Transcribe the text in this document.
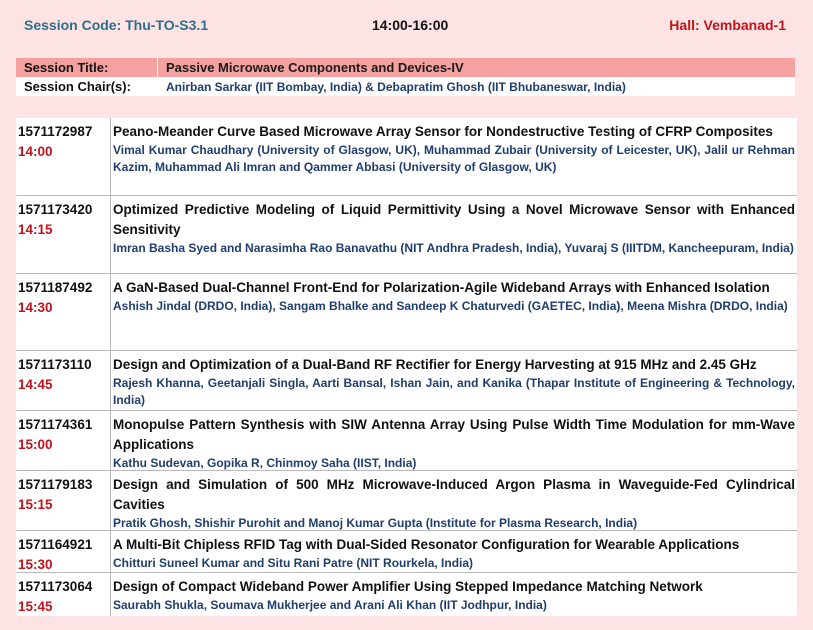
Session Code: Thu-TO-S3.1	14:00-16:00	Hall: Vembanad-1
Session Title:	Passive Microwave Components and Devices-IV
Session Chair(s):	Anirban Sarkar (IIT Bombay, India) & Debapratim Ghosh (IIT Bhubaneswar, India)
1571172987
14:00
Peano-Meander Curve Based Microwave Array Sensor for Nondestructive Testing of CFRP Composites
Vimal Kumar Chaudhary (University of Glasgow, UK), Muhammad Zubair (University of Leicester, UK), Jalil ur Rehman Kazim, Muhammad Ali Imran and Qammer Abbasi (University of Glasgow, UK)
1571173420
14:15
Optimized Predictive Modeling of Liquid Permittivity Using a Novel Microwave Sensor with Enhanced Sensitivity
Imran Basha Syed and Narasimha Rao Banavathu (NIT Andhra Pradesh, India), Yuvaraj S (IIITDM, Kancheepuram, India)
1571187492
14:30
A GaN-Based Dual-Channel Front-End for Polarization-Agile Wideband Arrays with Enhanced Isolation
Ashish Jindal (DRDO, India), Sangam Bhalke and Sandeep K Chaturvedi (GAETEC, India), Meena Mishra (DRDO, India)
1571173110
14:45
Design and Optimization of a Dual-Band RF Rectifier for Energy Harvesting at 915 MHz and 2.45 GHz
Rajesh Khanna, Geetanjali Singla, Aarti Bansal, Ishan Jain, and Kanika (Thapar Institute of Engineering & Technology, India)
1571174361
15:00
Monopulse Pattern Synthesis with SIW Antenna Array Using Pulse Width Time Modulation for mm-Wave Applications
Kathu Sudevan, Gopika R, Chinmoy Saha (IIST, India)
1571179183
15:15
Design and Simulation of 500 MHz Microwave-Induced Argon Plasma in Waveguide-Fed Cylindrical Cavities
Pratik Ghosh, Shishir Purohit and Manoj Kumar Gupta (Institute for Plasma Research, India)
1571164921
15:30
A Multi-Bit Chipless RFID Tag with Dual-Sided Resonator Configuration for Wearable Applications
Chitturi Suneel Kumar and Situ Rani Patre (NIT Rourkela, India)
1571173064
15:45
Design of Compact Wideband Power Amplifier Using Stepped Impedance Matching Network
Saurabh Shukla, Soumava Mukherjee and Arani Ali Khan (IIT Jodhpur, India)
